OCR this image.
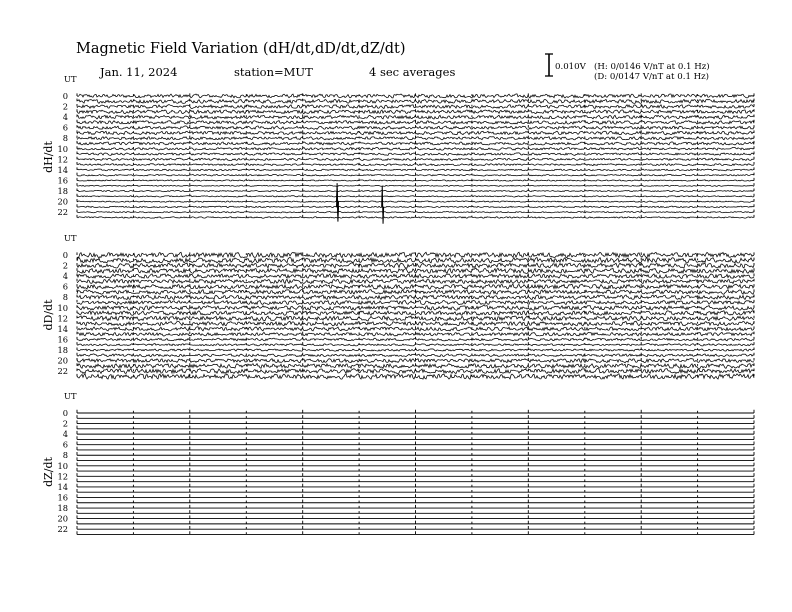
Magnetic Field Variation (dH/dt,dD/dt,dZ/dt)
Jan. 11, 2024	station=MUT	4 sec averages	0.010V (H: 0/0146 V/nT at 0.1 Hz)
(D: 0/0147 V/nT at 0.1 Hz)
UT
dH/dt
0
2
4
6
8
10
12
14
16
18
20
22
UT
dD/dt
0
2
4
6
8
10
12
14
16
18
20
22
UT
dZ/dt
0
2
4
6
8
10
12
14
16
18
20
22
